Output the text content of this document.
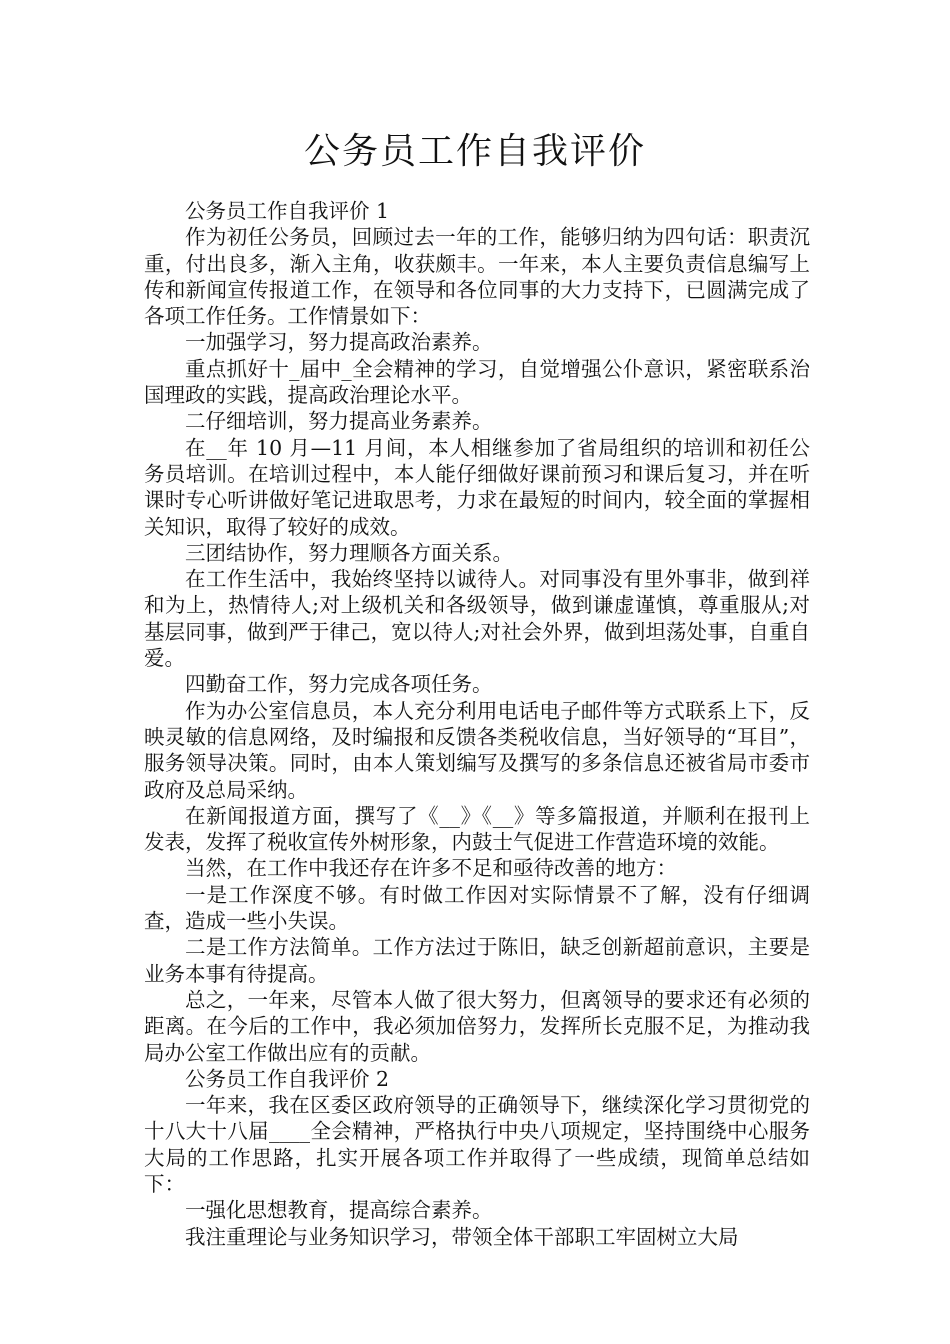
公务员工作自我评价

公务员工作自我评价 1

作为初任公务员，回顾过去一年的工作，能够归纳为四句话：职责沉重，付出良多，渐入主角，收获颇丰。一年来，本人主要负责信息编写上传和新闻宣传报道工作，在领导和各位同事的大力支持下，已圆满完成了各项工作任务。工作情景如下：

一加强学习，努力提高政治素养。

重点抓好十_届中_全会精神的学习，自觉增强公仆意识，紧密联系治国理政的实践，提高政治理论水平。

二仔细培训，努力提高业务素养。

在__年 10 月—11 月间，本人相继参加了省局组织的培训和初任公务员培训。在培训过程中，本人能仔细做好课前预习和课后复习，并在听课时专心听讲做好笔记进取思考，力求在最短的时间内，较全面的掌握相关知识，取得了较好的成效。

三团结协作，努力理顺各方面关系。

在工作生活中，我始终坚持以诚待人。对同事没有里外事非，做到祥和为上，热情待人;对上级机关和各级领导，做到谦虚谨慎，尊重服从;对基层同事，做到严于律己，宽以待人;对社会外界，做到坦荡处事，自重自爱。

四勤奋工作，努力完成各项任务。

作为办公室信息员，本人充分利用电话电子邮件等方式联系上下，反映灵敏的信息网络，及时编报和反馈各类税收信息，当好领导的“耳目”，服务领导决策。同时，由本人策划编写及撰写的多条信息还被省局市委市政府及总局采纳。

在新闻报道方面，撰写了《__》《__》等多篇报道，并顺利在报刊上发表，发挥了税收宣传外树形象，内鼓士气促进工作营造环境的效能。

当然，在工作中我还存在许多不足和亟待改善的地方：

一是工作深度不够。有时做工作因对实际情景不了解，没有仔细调查，造成一些小失误。

二是工作方法简单。工作方法过于陈旧，缺乏创新超前意识，主要是业务本事有待提高。

总之，一年来，尽管本人做了很大努力，但离领导的要求还有必须的距离。在今后的工作中，我必须加倍努力，发挥所长克服不足，为推动我局办公室工作做出应有的贡献。

公务员工作自我评价 2

一年来，我在区委区政府领导的正确领导下，继续深化学习贯彻党的十八大十八届____全会精神，严格执行中央八项规定，坚持围绕中心服务大局的工作思路，扎实开展各项工作并取得了一些成绩，现简单总结如下：

一强化思想教育，提高综合素养。

我注重理论与业务知识学习，带领全体干部职工牢固树立大局
